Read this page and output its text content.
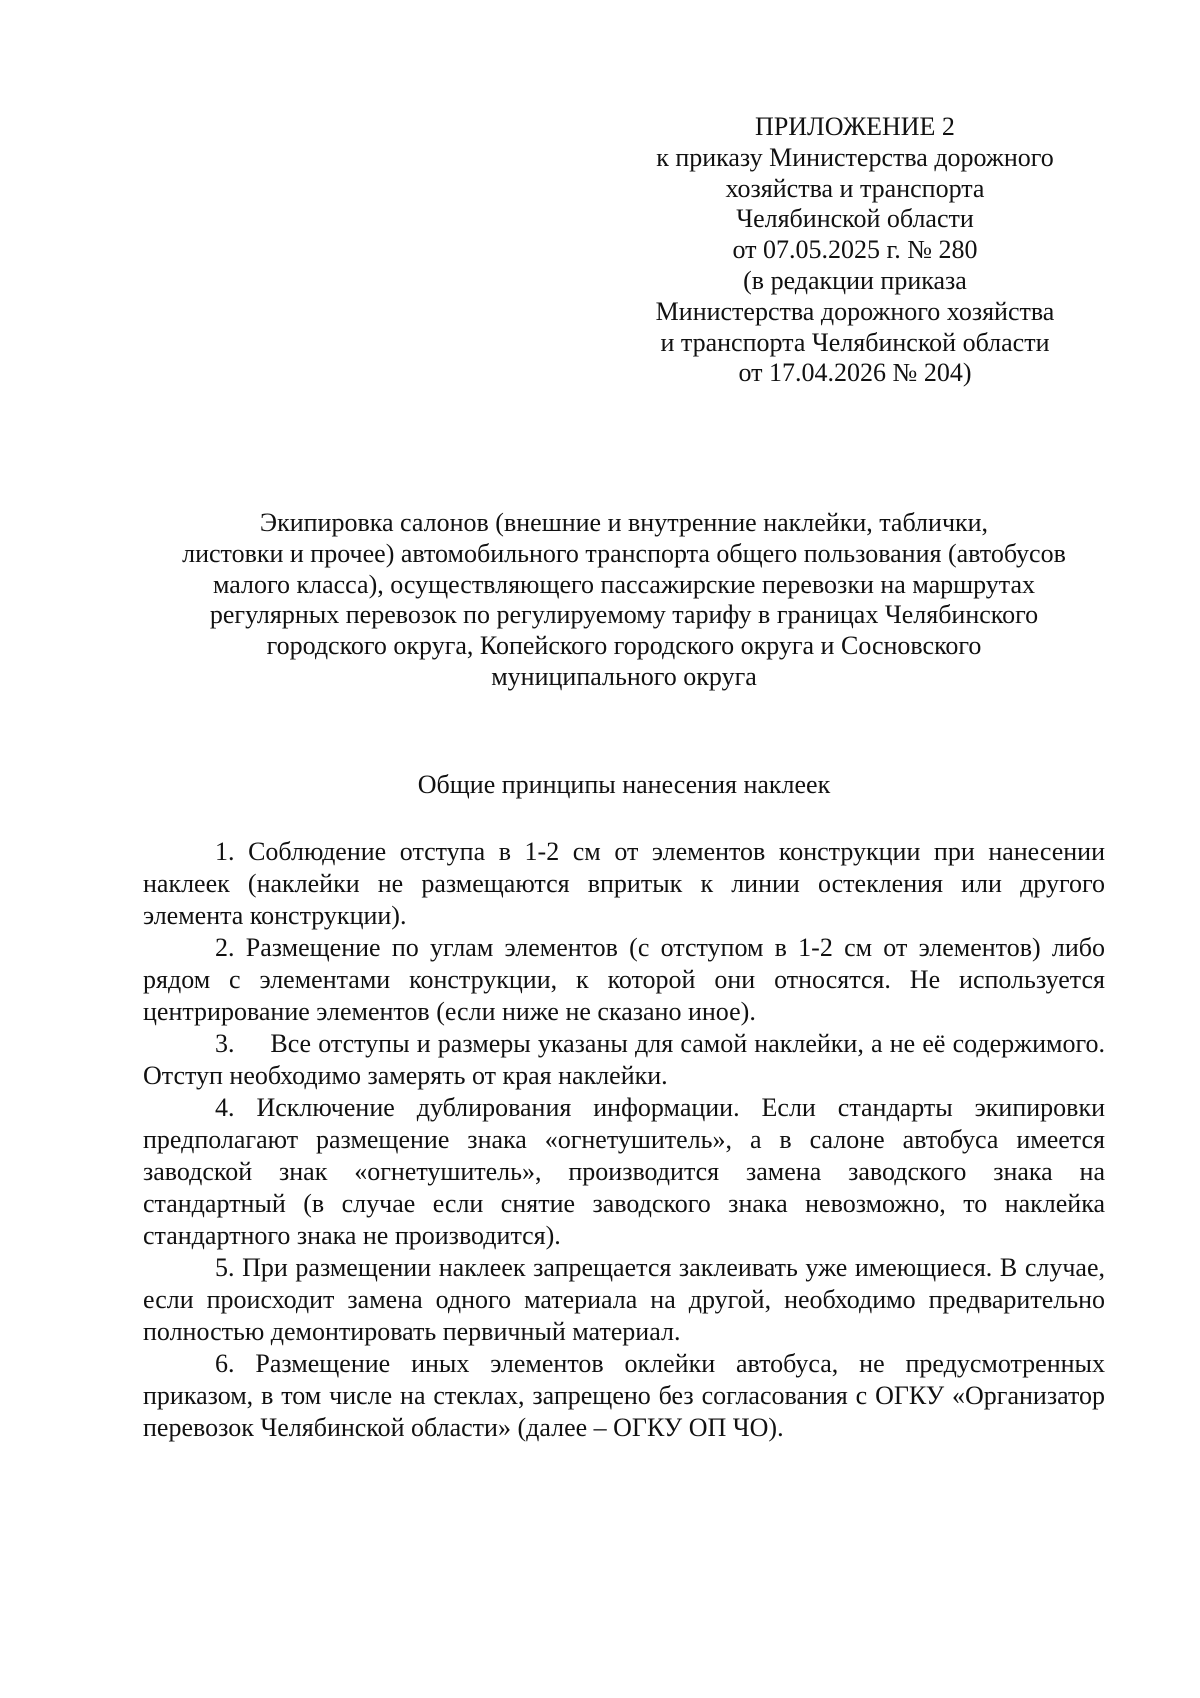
ПРИЛОЖЕНИЕ 2
к приказу Министерства дорожного
хозяйства и транспорта
Челябинской области
от 07.05.2025 г. № 280
(в редакции приказа
Министерства дорожного хозяйства
и транспорта Челябинской области
от 17.04.2026 № 204)
Экипировка салонов (внешние и внутренние наклейки, таблички,
листовки и прочее) автомобильного транспорта общего пользования (автобусов
малого класса), осуществляющего пассажирские перевозки на маршрутах
регулярных перевозок по регулируемому тарифу в границах Челябинского
городского округа, Копейского городского округа и Сосновского
муниципального округа
Общие принципы нанесения наклеек

1. Соблюдение отступа в 1-2 см от элементов конструкции при нанесении наклеек (наклейки не размещаются впритык к линии остекления или другого элемента конструкции).

2. Размещение по углам элементов (с отступом в 1-2 см от элементов) либо рядом с элементами конструкции, к которой они относятся. Не используется центрирование элементов (если ниже не сказано иное).

3. Все отступы и размеры указаны для самой наклейки, а не её содержимого. Отступ необходимо замерять от края наклейки.

4. Исключение дублирования информации. Если стандарты экипировки предполагают размещение знака «огнетушитель», а в салоне автобуса имеется заводской знак «огнетушитель», производится замена заводского знака на стандартный (в случае если снятие заводского знака невозможно, то наклейка стандартного знака не производится).

5. При размещении наклеек запрещается заклеивать уже имеющиеся. В случае, если происходит замена одного материала на другой, необходимо предварительно полностью демонтировать первичный материал.

6. Размещение иных элементов оклейки автобуса, не предусмотренных приказом, в том числе на стеклах, запрещено без согласования с ОГКУ «Организатор перевозок Челябинской области» (далее – ОГКУ ОП ЧО).
